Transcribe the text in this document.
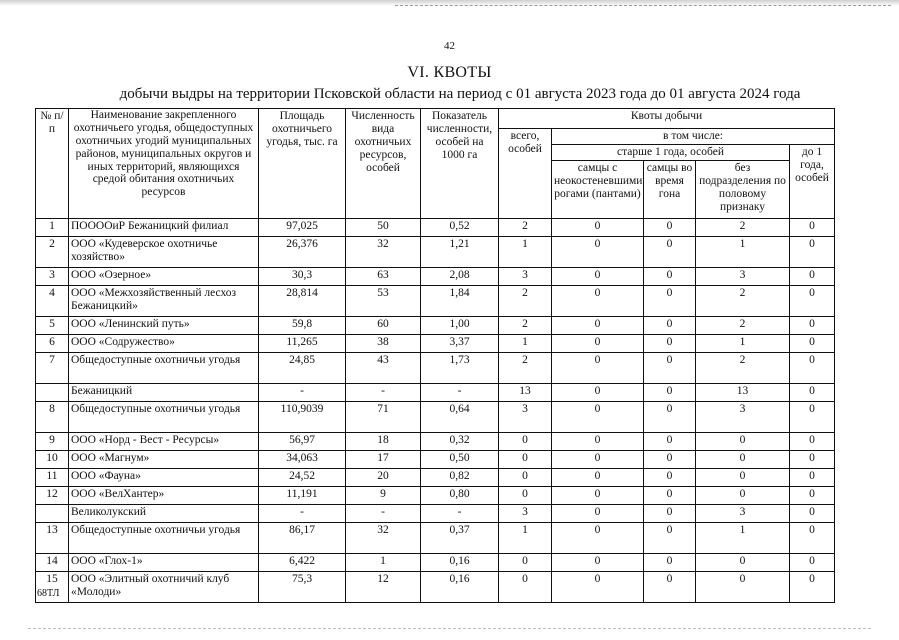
42
VI. КВОТЫ
добычи выдры на территории Псковской области на период с 01 августа 2023 года до 01 августа 2024 года
№ п/п	Наименование закрепленного охотничьего угодья, общедоступных охотничьих угодий муниципальных районов, муниципальных округов и иных территорий, являющихся средой обитания охотничьих ресурсов	Площадь охотничьего угодья, тыс. га	Численность вида охотничьих ресурсов, особей	Показатель численности, особей на 1000 га	Квоты добычи				
					всего, особей	в том числе:			
						старше 1 года, особей			до 1 года, особей
						самцы с неокостеневшими рогами (пантами)	самцы во время гона	без подразделения по половому признаку	
1	ПООООиР Бежаницкий филиал	97,025	50	0,52	2	0	0	2	0
2	ООО «Кудеверское охотничье хозяйство»	26,376	32	1,21	1	0	0	1	0
3	ООО «Озерное»	30,3	63	2,08	3	0	0	3	0
4	ООО «Межхозяйственный лесхоз Бежаницкий»	28,814	53	1,84	2	0	0	2	0
5	ООО «Ленинский путь»	59,8	60	1,00	2	0	0	2	0
6	ООО «Содружество»	11,265	38	3,37	1	0	0	1	0
7	Общедоступные охотничьи угодья	24,85	43	1,73	2	0	0	2	0
	Бежаницкий	-	-	-	13	0	0	13	0
8	Общедоступные охотничьи угодья	110,9039	71	0,64	3	0	0	3	0
9	ООО «Норд - Вест - Ресурсы»	56,97	18	0,32	0	0	0	0	0
10	ООО «Магнум»	34,063	17	0,50	0	0	0	0	0
11	ООО «Фауна»	24,52	20	0,82	0	0	0	0	0
12	ООО «ВелХантер»	11,191	9	0,80	0	0	0	0	0
	Великолукский	-	-	-	3	0	0	3	0
13	Общедоступные охотничьи угодья	86,17	32	0,37	1	0	0	1	0
14	ООО «Глох-1»	6,422	1	0,16	0	0	0	0	0
15	ООО «Элитный охотничий клуб «Молоди»	75,3	12	0,16	0	0	0	0	0
68ТЛ
